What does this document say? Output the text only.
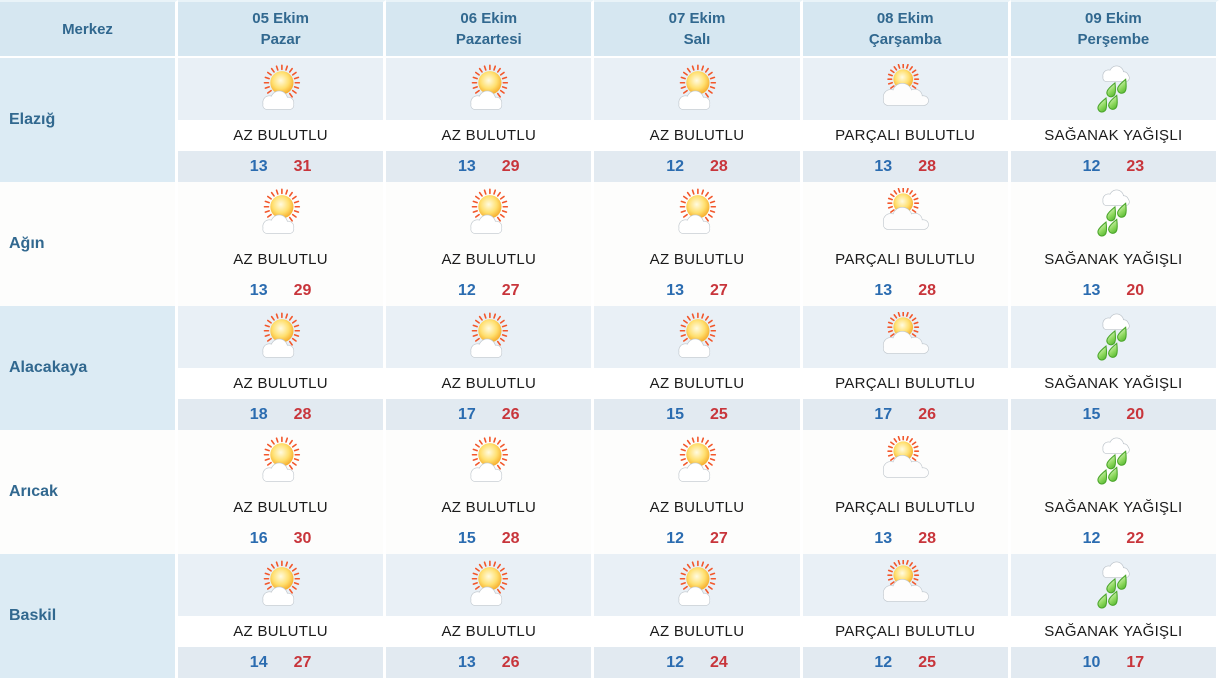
Merkez
05 Ekim
Pazar
06 Ekim
Pazartesi
07 Ekim
Salı
08 Ekim
Çarşamba
09 Ekim
Perşembe
Elazığ
AZ BULUTLU
13 31
AZ BULUTLU
13 29
AZ BULUTLU
12 28
PARÇALI BULUTLU
13 28
SAĞANAK YAĞIŞLI
12 23
Ağın
AZ BULUTLU
13 29
AZ BULUTLU
12 27
AZ BULUTLU
13 27
PARÇALI BULUTLU
13 28
SAĞANAK YAĞIŞLI
13 20
Alacakaya
AZ BULUTLU
18 28
AZ BULUTLU
17 26
AZ BULUTLU
15 25
PARÇALI BULUTLU
17 26
SAĞANAK YAĞIŞLI
15 20
Arıcak
AZ BULUTLU
16 30
AZ BULUTLU
15 28
AZ BULUTLU
12 27
PARÇALI BULUTLU
13 28
SAĞANAK YAĞIŞLI
12 22
Baskil
AZ BULUTLU
14 27
AZ BULUTLU
13 26
AZ BULUTLU
12 24
PARÇALI BULUTLU
12 25
SAĞANAK YAĞIŞLI
10 17
